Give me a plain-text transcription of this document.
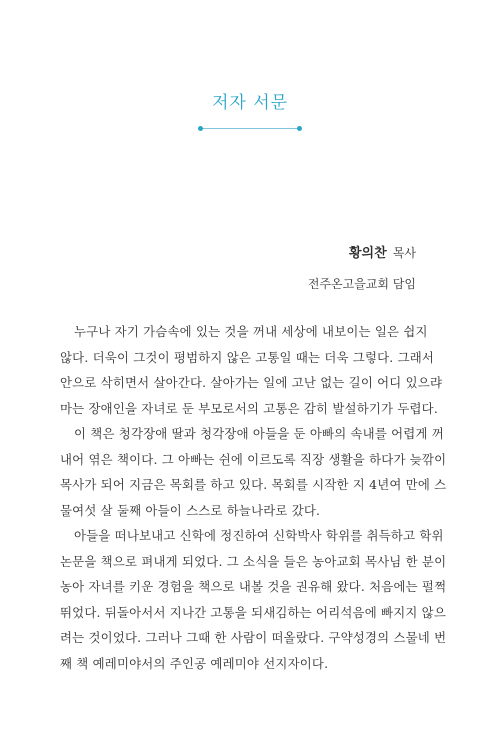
저자 서문
황의찬 목사
전주온고을교회 담임
누구나 자기 가슴속에 있는 것을 꺼내 세상에 내보이는 일은 쉽지
않다. 더욱이 그것이 평범하지 않은 고통일 때는 더욱 그렇다. 그래서
안으로 삭히면서 살아간다. 살아가는 일에 고난 없는 길이 어디 있으랴
마는 장애인을 자녀로 둔 부모로서의 고통은 감히 발설하기가 두렵다.
이 책은 청각장애 딸과 청각장애 아들을 둔 아빠의 속내를 어렵게 꺼
내어 엮은 책이다. 그 아빠는 쉰에 이르도록 직장 생활을 하다가 늦깎이
목사가 되어 지금은 목회를 하고 있다. 목회를 시작한 지 4년여 만에 스
물여섯 살 둘째 아들이 스스로 하늘나라로 갔다.
아들을 떠나보내고 신학에 정진하여 신학박사 학위를 취득하고 학위
논문을 책으로 펴내게 되었다. 그 소식을 들은 농아교회 목사님 한 분이
농아 자녀를 키운 경험을 책으로 내볼 것을 권유해 왔다. 처음에는 펄쩍
뛰었다. 뒤돌아서서 지나간 고통을 되새김하는 어리석음에 빠지지 않으
려는 것이었다. 그러나 그때 한 사람이 떠올랐다. 구약성경의 스물네 번
째 책 예레미야서의 주인공 예레미야 선지자이다.
